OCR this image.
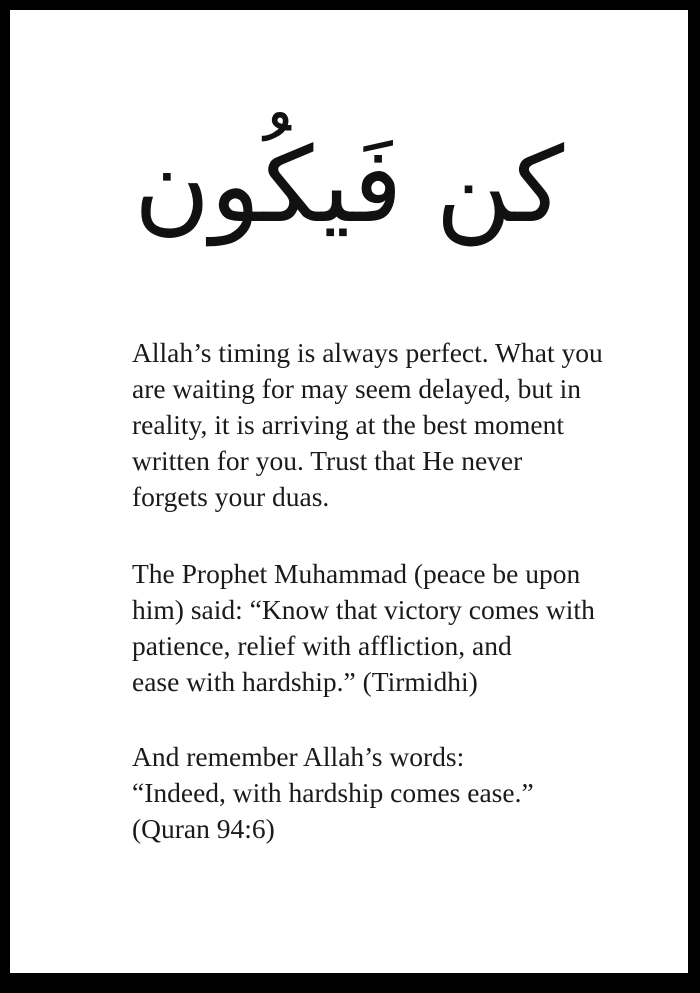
كن فَيكُون
Allah’s timing is always perfect. What you
are waiting for may seem delayed, but in
reality, it is arriving at the best moment
written for you. Trust that He never
forgets your duas.
The Prophet Muhammad (peace be upon
him) said: “Know that victory comes with
patience, relief with affliction, and
ease with hardship.” (Tirmidhi)
And remember Allah’s words:
“Indeed, with hardship comes ease.”
(Quran 94:6)
